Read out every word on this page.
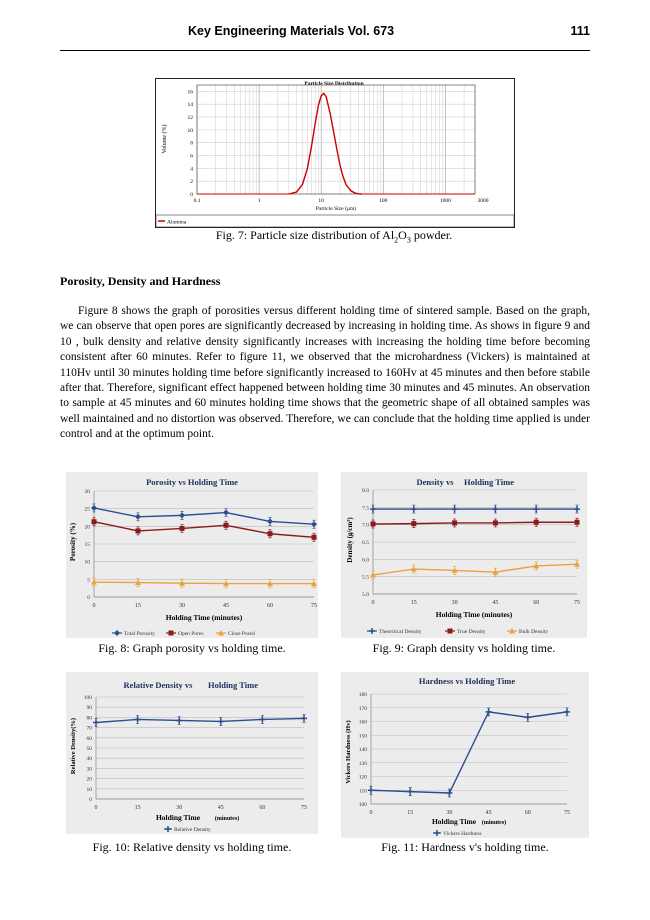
Key Engineering Materials Vol. 673	111
Particle Size Distribution
0
2
4
6
8
10
12
14
16
0.1	1	10	100	1000	3000
Particle Size (µm)
Volume (%)
Alumina
Fig. 7: Particle size distribution of $Al_2O_3$ powder.
Porosity, Density and Hardness

Figure 8 shows the graph of porosities versus different holding time of sintered sample. Based on the graph, we can observe that open pores are significantly decreased by increasing in holding time. As shows in figure 9 and 10 , bulk density and relative density significantly increases with increasing the holding time before becoming consistent after 60 minutes. Refer to figure 11, we observed that the microhardness (Vickers) is maintained at 110Hv until 30 minutes holding time before significantly increased to 160Hv at 45 minutes and then before stabile after that. Therefore, significant effect happened between holding time 30 minutes and 45 minutes. An observation to sample at 45 minutes and 60 minutes holding time shows that the geometric shape of all obtained samples was well maintained and no distortion was observed. Therefore, we can conclude that the holding time applied is under control and at the optimum point.

Porosity vs Holding Time
Porosity (%)
0
5
10
15
20
25
30
0	15	30	45	60	75
Holding Time (minutes)
Total Porosity	Open Pores	Close Pored
Fig. 8: Graph porosity vs holding time.
Density vs Holding Time
Density (g/cm³)
5.0
5.5
6.0
6.5
7.0
7.5
8.0
0	15	30	45	60	75
Holding Time (minutes)
Theoritical Density	True Density	Bulk Density
Fig. 9: Graph density vs holding time.
Relative Density vs Holding Time
Relative Density(%)
0
10
20
30
40
50
60
70
80
90
100
0	15	30	45	60	75
Holding Time (minutes)
Relative Density
Fig. 10: Relative density vs holding time.
Hardness vs Holding Time
Vickers Hardness (Hv)
100
110
120
130
140
150
160
170
180
0	15	30	45	60	75
Holding Time (minutes)
Vickers Hardness
Fig. 11: Hardness v's holding time.
